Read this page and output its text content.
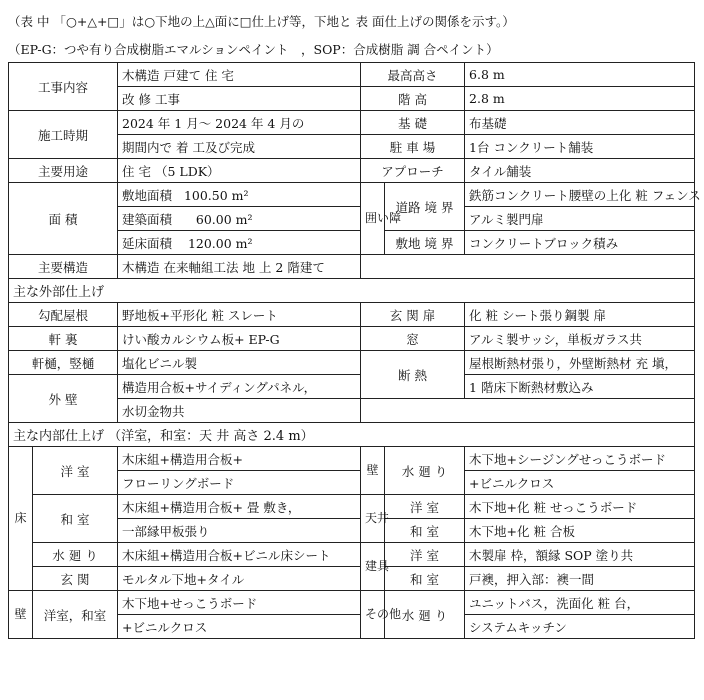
（表 中 「○+△+□」は○下地の上△面に□仕上げ等，下地と 表 面仕上げの関係を示す。）
（EP-G：つや有り合成樹脂エマルションペイント　，SOP：合成樹脂 調 合ペイント）
工事内容		木構造 戸建て 住 宅	最高高さ		6.8 m
		改 修 工事	階 高		2.8 m
施工時期		2024 年 1 月～ 2024 年 4 月の	基 礎		布基礎
		期間内で 着 工及び完成	駐 車 場		1台 コンクリート舗装
主要用途		住 宅 （5 LDK）	アプローチ		タイル舗装
面 積		敷地面積 100.50 m²	囲い障	道路 境 界	鉄筋コンクリート腰壁の上化 粧 フェンス
		建築面積 60.00 m²			アルミ製門扉
		延床面積 120.00 m²		敷地 境 界	コンクリートブロック積み
主要構造		木構造 在来軸組工法 地 上 2 階建て			
主な外部仕上げ					
勾配屋根		野地板+平形化 粧 スレート	玄 関 扉		化 粧 シート張り鋼製 扉
軒 裏		けい酸カルシウム板+ EP-G	窓		アルミ製サッシ，単板ガラス共
軒樋，竪樋		塩化ビニル製	断 熱		屋根断熱材張り，外壁断熱材 充 塡，
外 壁		構造用合板+サイディングパネル，			1 階床下断熱材敷込み
		水切金物共			
主な内部仕上げ （洋室，和室：天 井 高さ 2.4 m）					
床	洋 室	木床組+構造用合板+	壁	水 廻 り	木下地+シージングせっこうボード
		フローリングボード			+ビニルクロス
	和 室	木床組+構造用合板+ 畳 敷き，	天井	洋 室	木下地+化 粧 せっこうボード
		一部縁甲板張り		和 室	木下地+化 粧 合板
	水 廻 り	木床組+構造用合板+ビニル床シート	建具	洋 室	木製扉 枠，額縁 SOP 塗り共
	玄 関	モルタル下地+タイル		和 室	戸襖，押入部：襖一間
壁	洋室，和室	木下地+せっこうボード	その他	水 廻 り	ユニットバス，洗面化 粧 台，
		+ビニルクロス			システムキッチン
